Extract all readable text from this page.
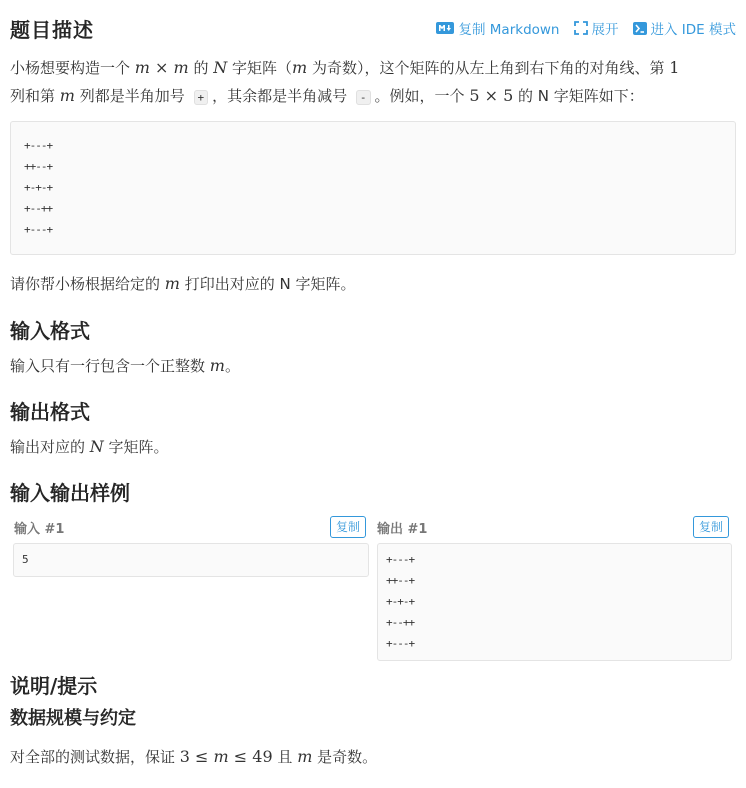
题目描述	复制 Markdown 展开 进入 IDE 模式
小杨想要构造一个 m × m 的 N 字矩阵（m 为奇数），这个矩阵的从左上角到右下角的对角线、第 1
列和第 m 列都是半角加号 + ，其余都是半角减号 - 。例如，一个 5 × 5 的 N 字矩阵如下：
+---+
++--+
+-+-+
+--++
+---+
请你帮小杨根据给定的 m 打印出对应的 N 字矩阵。
输入格式
输入只有一行包含一个正整数 m。
输出格式
输出对应的 N 字矩阵。
输入输出样例
输入 #1	复制
5
输出 #1	复制
+---+
++--+
+-+-+
+--++
+---+
说明/提示
数据规模与约定
对全部的测试数据，保证 3 ≤ m ≤ 49 且 m 是奇数。
